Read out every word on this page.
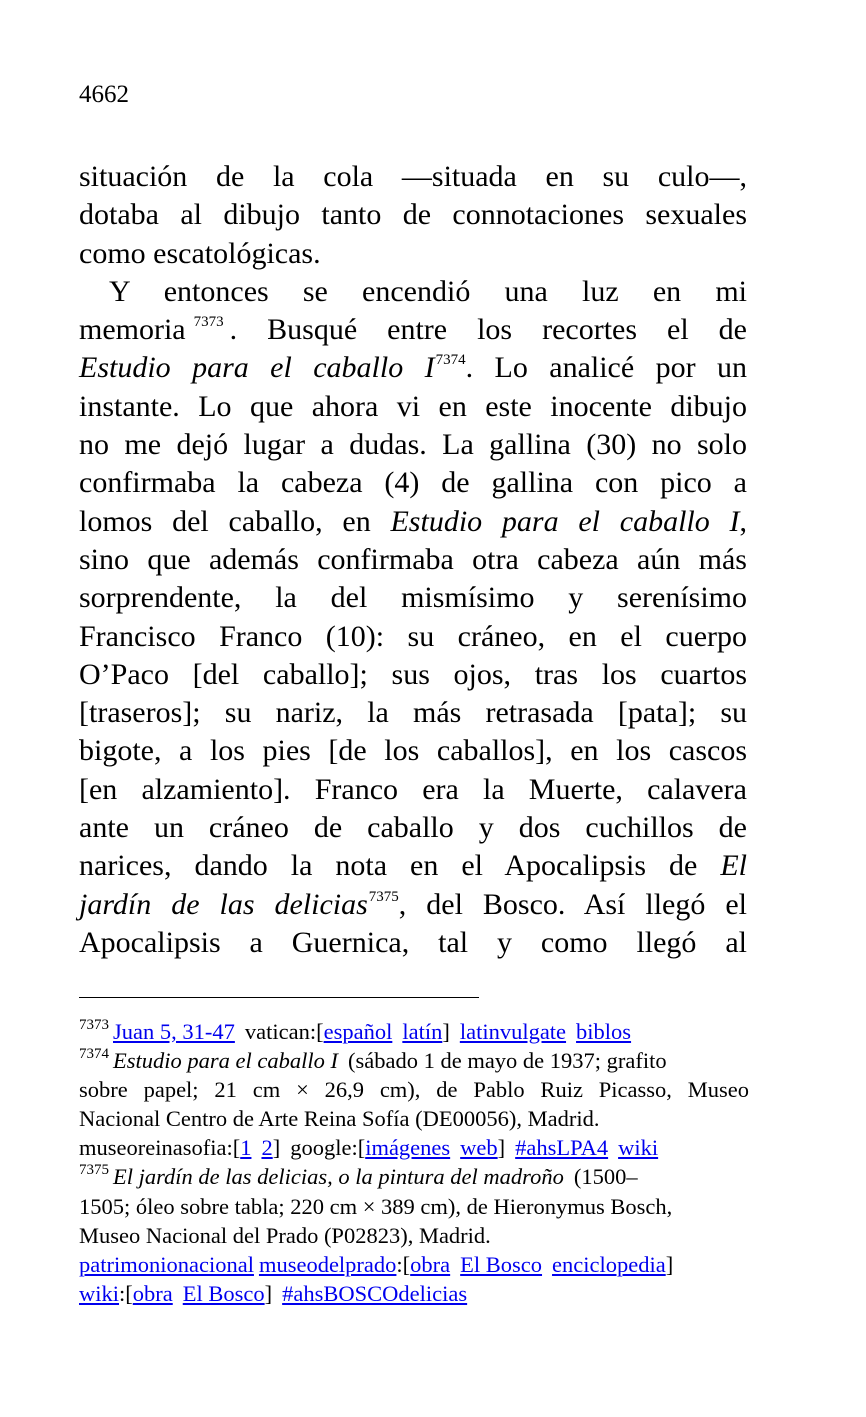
4662
situación de la cola ―situada en su culo―,
dotaba al dibujo tanto de connotaciones sexuales
como escatológicas.
Y entonces se encendió una luz en mi
memoria $^{7373}$ . Busqué entre los recortes el de
Estudio para el caballo I$^{7374}$. Lo analicé por un
instante. Lo que ahora vi en este inocente dibujo
no me dejó lugar a dudas. La gallina (30) no solo
confirmaba la cabeza (4) de gallina con pico a
lomos del caballo, en Estudio para el caballo I,
sino que además confirmaba otra cabeza aún más
sorprendente, la del mismísimo y serenísimo
Francisco Franco (10): su cráneo, en el cuerpo
O’Paco [del caballo]; sus ojos, tras los cuartos
[traseros]; su nariz, la más retrasada [pata]; su
bigote, a los pies [de los caballos], en los cascos
[en alzamiento]. Franco era la Muerte, calavera
ante un cráneo de caballo y dos cuchillos de
narices, dando la nota en el Apocalipsis de El
jardín de las delicias$^{7375}$, del Bosco. Así llegó el
Apocalipsis a Guernica, tal y como llegó al
$^{7373}$ Juan 5, 31-47 vatican:[español latín] latinvulgate biblos
$^{7374}$ Estudio para el caballo I (sábado 1 de mayo de 1937; grafito
sobre papel; 21 cm × 26,9 cm), de Pablo Ruiz Picasso, Museo
Nacional Centro de Arte Reina Sofía (DE00056), Madrid.
museoreinasofia:[1 2] google:[imágenes web] #ahsLPA4 wiki
$^{7375}$ El jardín de las delicias, o la pintura del madroño (1500–
1505; óleo sobre tabla; 220 cm × 389 cm), de Hieronymus Bosch,
Museo Nacional del Prado (P02823), Madrid.
patrimonionacional museodelprado:[obra El Bosco enciclopedia]
wiki:[obra El Bosco] #ahsBOSCOdelicias
